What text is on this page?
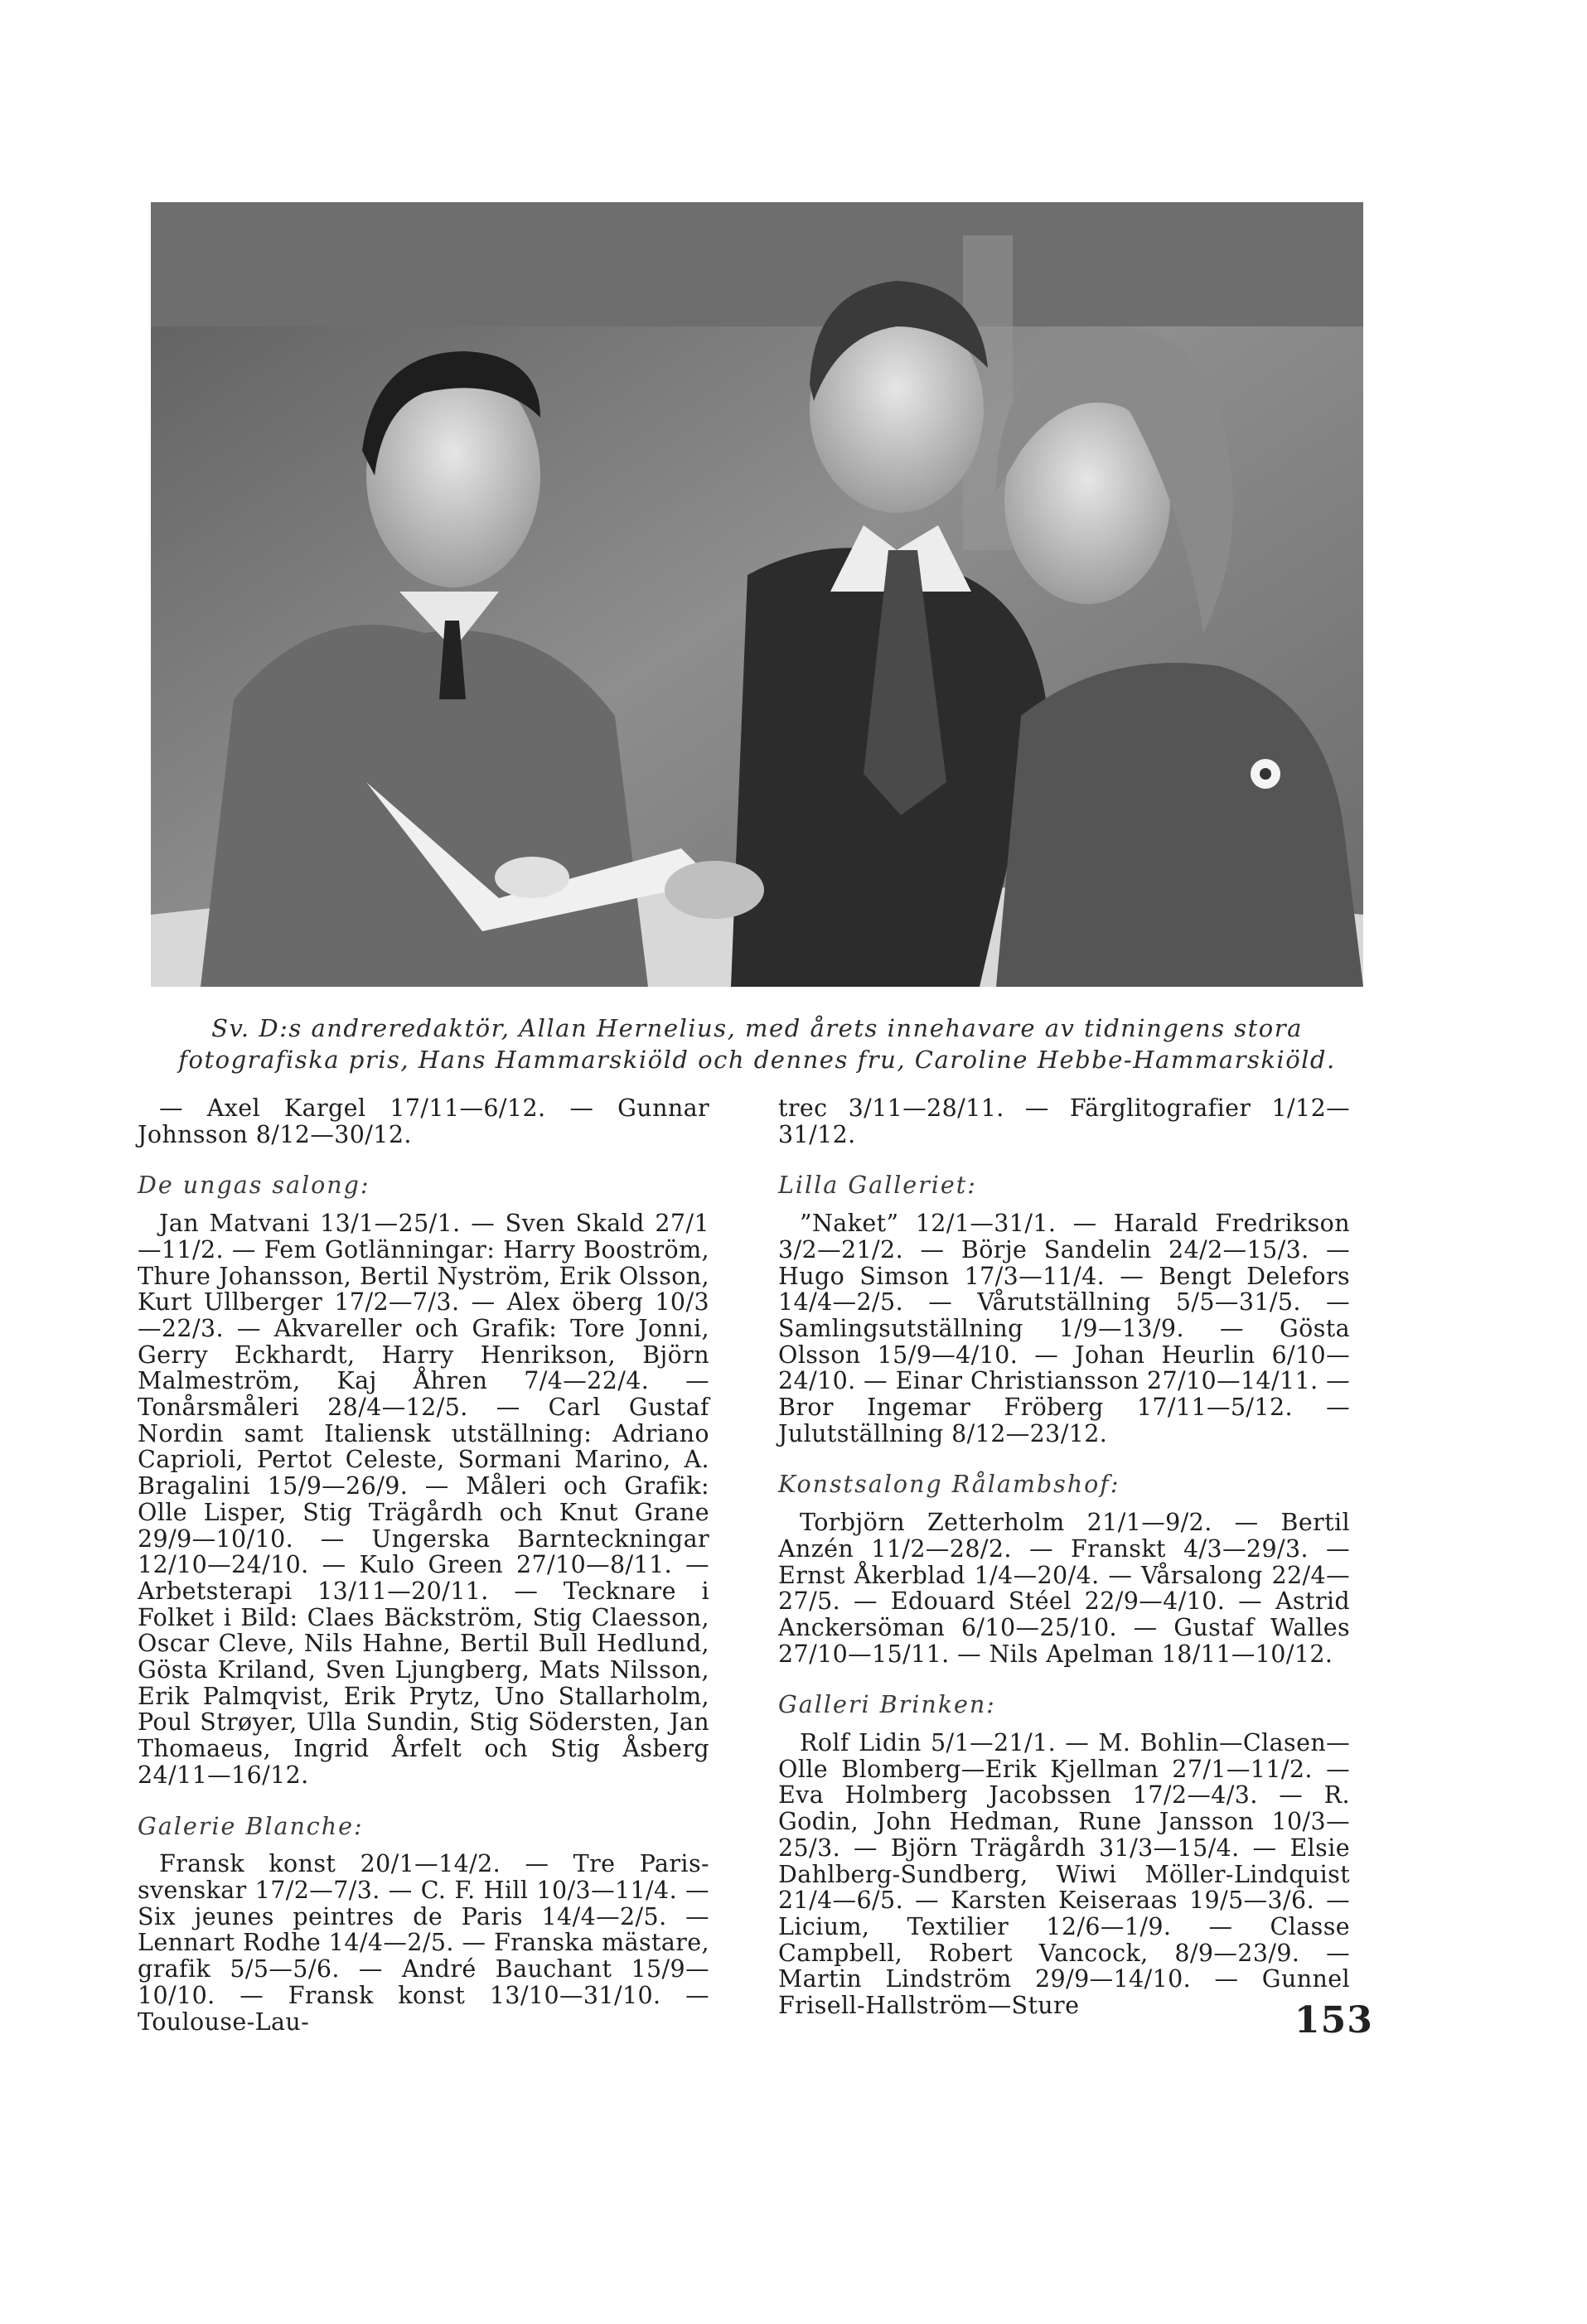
Sv. D:s andreredaktör, Allan Hernelius, med årets innehavare av tidningens stora fotografiska pris, Hans Hammarskiöld och dennes fru, Caroline Hebbe-Hammarskiöld.
— Axel Kargel 17/11—6/12. — Gunnar Johnsson 8/12—30/12.
De ungas salong:
Jan Matvani 13/1—25/1. — Sven Skald 27/1—11/2. — Fem Gotlänningar: Harry Booström, Thure Johansson, Bertil Nyström, Erik Olsson, Kurt Ullberger 17/2—7/3. — Alex öberg 10/3—22/3. — Akvareller och Grafik: Tore Jonni, Gerry Eckhardt, Harry Henrikson, Björn Malmeström, Kaj Åhren 7/4—22/4. — Tonårsmåleri 28/4—12/5. — Carl Gustaf Nordin samt Italiensk utställning: Adriano Caprioli, Pertot Celeste, Sormani Marino, A. Bragalini 15/9—26/9. — Måleri och Grafik: Olle Lisper, Stig Trägårdh och Knut Grane 29/9—10/10. — Ungerska Barnteckningar 12/10—24/10. — Kulo Green 27/10—8/11. — Arbetsterapi 13/11—20/11. — Tecknare i Folket i Bild: Claes Bäckström, Stig Claesson, Oscar Cleve, Nils Hahne, Bertil Bull Hedlund, Gösta Kriland, Sven Ljungberg, Mats Nilsson, Erik Palmqvist, Erik Prytz, Uno Stallarholm, Poul Strøyer, Ulla Sundin, Stig Södersten, Jan Thomaeus, Ingrid Årfelt och Stig Åsberg 24/11—16/12.
Galerie Blanche:
Fransk konst 20/1—14/2. — Tre Paris-svenskar 17/2—7/3. — C. F. Hill 10/3—11/4. — Six jeunes peintres de Paris 14/4—2/5. — Lennart Rodhe 14/4—2/5. — Franska mästare, grafik 5/5—5/6. — André Bauchant 15/9—10/10. — Fransk konst 13/10—31/10. — Toulouse-Lau-
trec 3/11—28/11. — Färglitografier 1/12—31/12.
Lilla Galleriet:
”Naket” 12/1—31/1. — Harald Fredrikson 3/2—21/2. — Börje Sandelin 24/2—15/3. — Hugo Simson 17/3—11/4. — Bengt Delefors 14/4—2/5. — Vårutställning 5/5—31/5. — Samlingsutställning 1/9—13/9. — Gösta Olsson 15/9—4/10. — Johan Heurlin 6/10—24/10. — Einar Christiansson 27/10—14/11. — Bror Ingemar Fröberg 17/11—5/12. — Julutställning 8/12—23/12.
Konstsalong Rålambshof:
Torbjörn Zetterholm 21/1—9/2. — Bertil Anzén 11/2—28/2. — Franskt 4/3—29/3. — Ernst Åkerblad 1/4—20/4. — Vårsalong 22/4—27/5. — Edouard Stéel 22/9—4/10. — Astrid Anckersöman 6/10—25/10. — Gustaf Walles 27/10—15/11. — Nils Apelman 18/11—10/12.
Galleri Brinken:
Rolf Lidin 5/1—21/1. — M. Bohlin—Clasen—Olle Blomberg—Erik Kjellman 27/1—11/2. — Eva Holmberg Jacobssen 17/2—4/3. — R. Godin, John Hedman, Rune Jansson 10/3—25/3. — Björn Trägårdh 31/3—15/4. — Elsie Dahlberg-Sundberg, Wiwi Möller-Lindquist 21/4—6/5. — Karsten Keiseraas 19/5—3/6. — Licium, Textilier 12/6—1/9. — Classe Campbell, Robert Vancock, 8/9—23/9. — Martin Lindström 29/9—14/10. — Gunnel Frisell-Hallström—Sture	153
